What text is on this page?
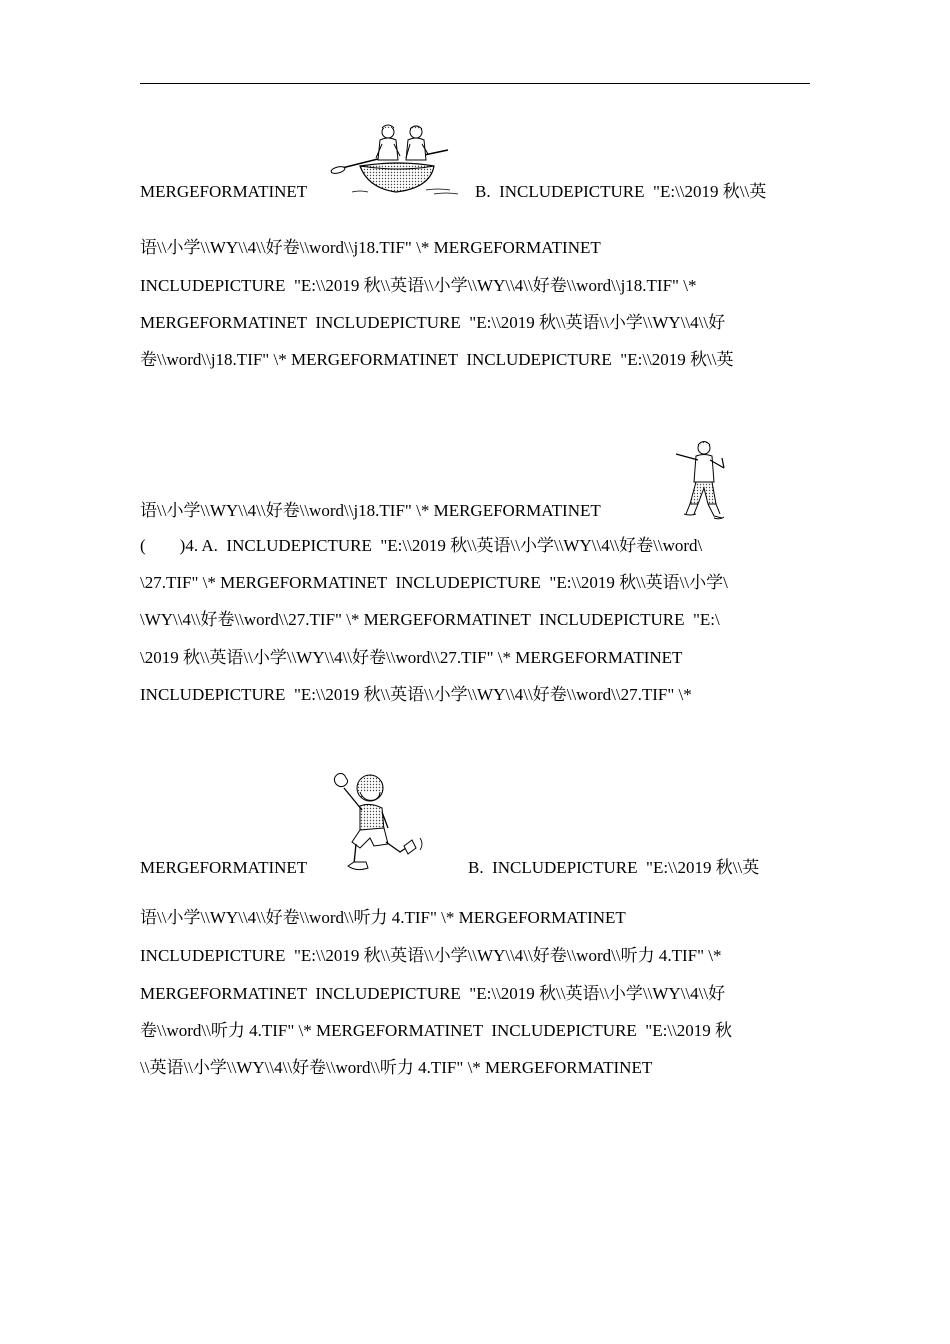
MERGEFORMATINET	B.  INCLUDEPICTURE  "E:\\2019 秋\\英
语\\小学\\WY\\4\\好卷\\word\\j18.TIF" \* MERGEFORMATINET
INCLUDEPICTURE  "E:\\2019 秋\\英语\\小学\\WY\\4\\好卷\\word\\j18.TIF" \*
MERGEFORMATINET  INCLUDEPICTURE  "E:\\2019 秋\\英语\\小学\\WY\\4\\好
卷\\word\\j18.TIF" \* MERGEFORMATINET  INCLUDEPICTURE  "E:\\2019 秋\\英
语\\小学\\WY\\4\\好卷\\word\\j18.TIF" \* MERGEFORMATINET
(        )4. A.  INCLUDEPICTURE  "E:\\2019 秋\\英语\\小学\\WY\\4\\好卷\\word\
\27.TIF" \* MERGEFORMATINET  INCLUDEPICTURE  "E:\\2019 秋\\英语\\小学\
\WY\\4\\好卷\\word\\27.TIF" \* MERGEFORMATINET  INCLUDEPICTURE  "E:\
\2019 秋\\英语\\小学\\WY\\4\\好卷\\word\\27.TIF" \* MERGEFORMATINET
INCLUDEPICTURE  "E:\\2019 秋\\英语\\小学\\WY\\4\\好卷\\word\\27.TIF" \*
MERGEFORMATINET	B.  INCLUDEPICTURE  "E:\\2019 秋\\英
语\\小学\\WY\\4\\好卷\\word\\听力 4.TIF" \* MERGEFORMATINET
INCLUDEPICTURE  "E:\\2019 秋\\英语\\小学\\WY\\4\\好卷\\word\\听力 4.TIF" \*
MERGEFORMATINET  INCLUDEPICTURE  "E:\\2019 秋\\英语\\小学\\WY\\4\\好
卷\\word\\听力 4.TIF" \* MERGEFORMATINET  INCLUDEPICTURE  "E:\\2019 秋
\\英语\\小学\\WY\\4\\好卷\\word\\听力 4.TIF" \* MERGEFORMATINET
